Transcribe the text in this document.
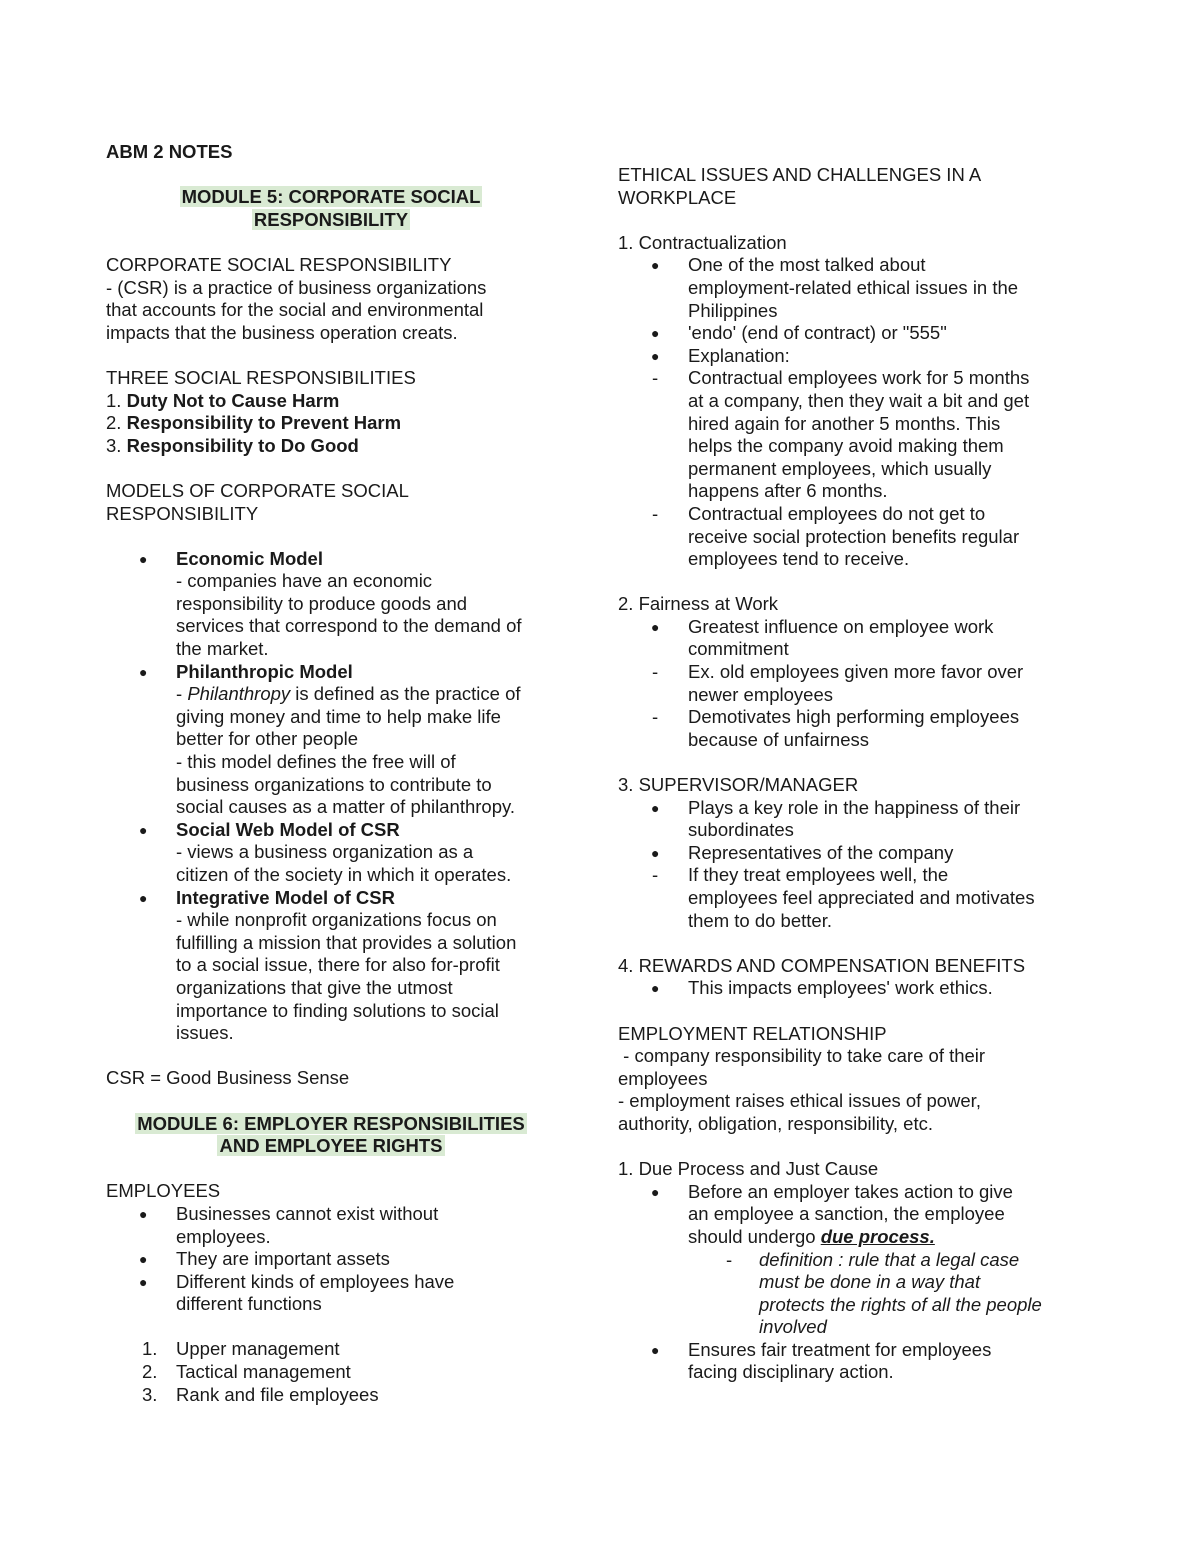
ABM 2 NOTES
MODULE 5: CORPORATE SOCIAL
RESPONSIBILITY
CORPORATE SOCIAL RESPONSIBILITY
- (CSR) is a practice of business organizations
that accounts for the social and environmental
impacts that the business operation creats.
THREE SOCIAL RESPONSIBILITIES
1. Duty Not to Cause Harm
2. Responsibility to Prevent Harm
3. Responsibility to Do Good
MODELS OF CORPORATE SOCIAL
RESPONSIBILITY
● Economic Model
- companies have an economic
responsibility to produce goods and
services that correspond to the demand of
the market.
● Philanthropic Model
- Philanthropy is defined as the practice of
giving money and time to help make life
better for other people
- this model defines the free will of
business organizations to contribute to
social causes as a matter of philanthropy.
● Social Web Model of CSR
- views a business organization as a
citizen of the society in which it operates.
● Integrative Model of CSR
- while nonprofit organizations focus on
fulfilling a mission that provides a solution
to a social issue, there for also for-profit
organizations that give the utmost
importance to finding solutions to social
issues.
CSR = Good Business Sense
MODULE 6: EMPLOYER RESPONSIBILITIES
AND EMPLOYEE RIGHTS
EMPLOYEES
● Businesses cannot exist without
employees.
● They are important assets
● Different kinds of employees have
different functions
1. Upper management
2. Tactical management
3. Rank and file employees
ETHICAL ISSUES AND CHALLENGES IN A
WORKPLACE
1. Contractualization
● One of the most talked about
employment-related ethical issues in the
Philippines
● 'endo' (end of contract) or "555"
● Explanation:
- Contractual employees work for 5 months
at a company, then they wait a bit and get
hired again for another 5 months. This
helps the company avoid making them
permanent employees, which usually
happens after 6 months.
- Contractual employees do not get to
receive social protection benefits regular
employees tend to receive.
2. Fairness at Work
● Greatest influence on employee work
commitment
- Ex. old employees given more favor over
newer employees
- Demotivates high performing employees
because of unfairness
3. SUPERVISOR/MANAGER
● Plays a key role in the happiness of their
subordinates
● Representatives of the company
- If they treat employees well, the
employees feel appreciated and motivates
them to do better.
4. REWARDS AND COMPENSATION BENEFITS
● This impacts employees' work ethics.
EMPLOYMENT RELATIONSHIP
- company responsibility to take care of their
employees
- employment raises ethical issues of power,
authority, obligation, responsibility, etc.
1. Due Process and Just Cause
● Before an employer takes action to give
an employee a sanction, the employee
should undergo due process.
- definition : rule that a legal case
must be done in a way that
protects the rights of all the people
involved
● Ensures fair treatment for employees
facing disciplinary action.
